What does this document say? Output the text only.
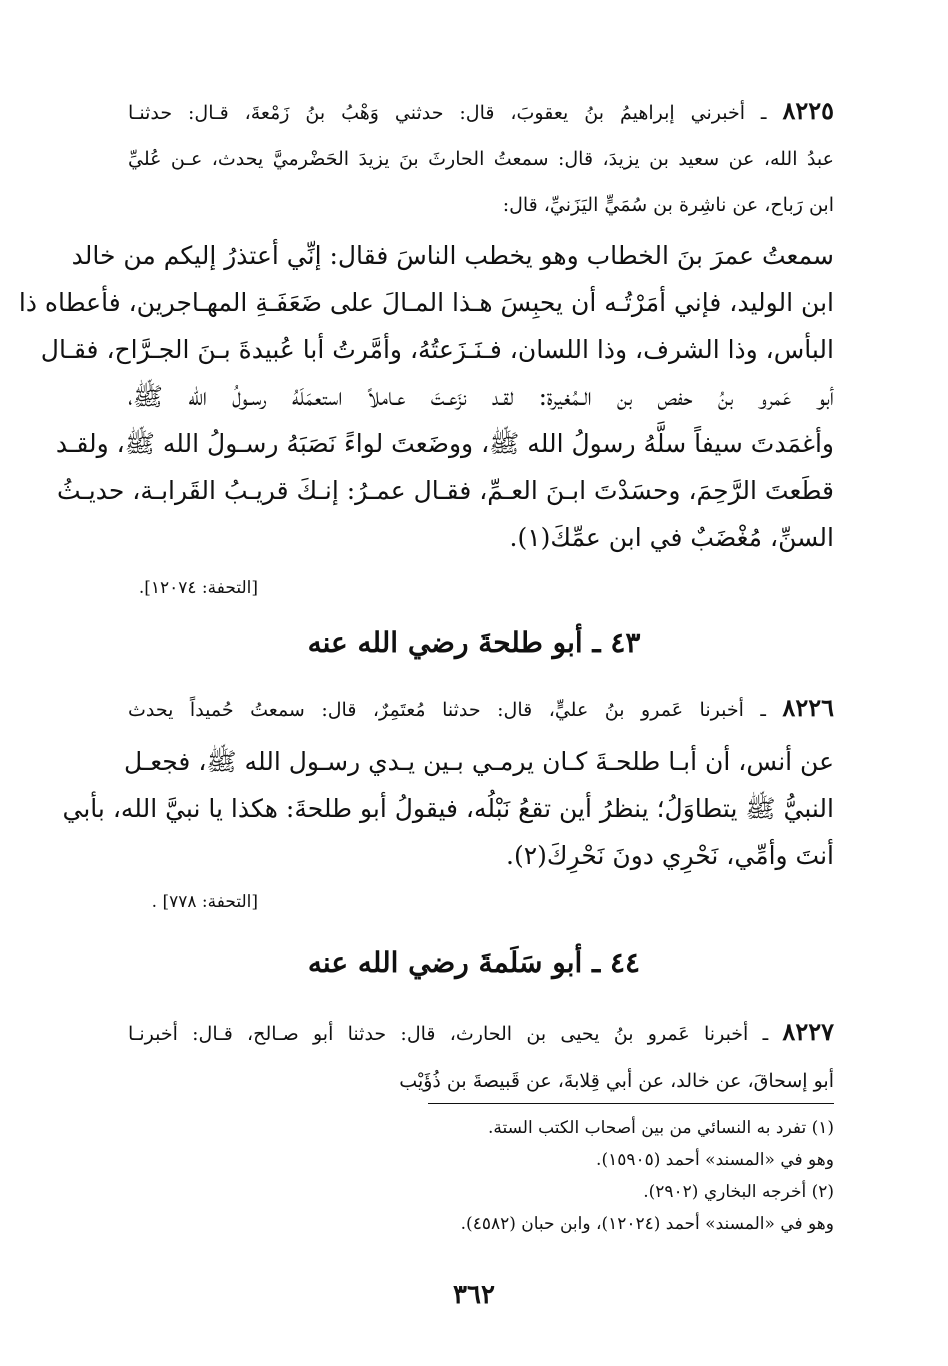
٨٢٢٥ ـ أخبرني إبراهيمُ بنُ يعقوبَ، قال: حدثني وَهْبُ بنُ زَمْعةَ، قـال: حدثنـا
عبدُ الله، عن سعيد بن يزيدَ، قال: سمعتُ الحارثَ بنَ يزيدَ الحَضْرميَّ يحدث، عـن عُليِّ
ابن رَباح، عن ناشِرة بن سُمَيٍّ اليَزَنيِّ، قال:
سمعتُ عمرَ بنَ الخطاب وهو يخطب الناسَ فقال: إنِّي أعتذرُ إليكم من خالد
ابن الوليد، فإني أمَرْتُـه أن يحبِسَ هـذا المـالَ على ضَعَفَـةِ المهـاجرين، فأعطاه ذا
البأس، وذا الشرف، وذا اللسان، فـنَـزَعتُهُ، وأمَّرتُ أبا عُبيدةَ بـنَ الجـرَّاح، فقـال
أبو عَمرو بنُ حفص بن الـمُغيرة: لقـد نزَعـتَ عـاملاً استعمَلَهُ رسـولُ الله ﷺ،
وأغمَدتَ سيفاً سلَّهُ رسولُ الله ﷺ، ووضَعتَ لواءً نَصَبَهُ رسـولُ الله ﷺ، ولقـد
قطَعتَ الرَّحِمَ، وحسَدْتَ ابـنَ العـمِّ، فقـال عمـرُ: إنـكَ قريـبُ القَرابـة، حديـثُ
السنِّ، مُغْضَبٌ في ابن عمِّكَ(١).
[التحفة: ١٢٠٧٤].
٤٣ ـ أبو طلحةَ رضي الله عنه
٨٢٢٦ ـ أخبرنا عَمرو بنُ عليٍّ، قال: حدثنا مُعتَمِرٌ، قال: سمعتُ حُميداً يحدث
عن أنس، أن أبـا طلحـةَ كـان يرمـي بـين يـدي رسـول الله ﷺ، فجعـل
النبيُّ ﷺ يتطاوَلُ؛ ينظرُ أين تقعُ نَبْلُه، فيقولُ أبو طلحةَ: هكذا يا نبيَّ الله، بأبي
أنتَ وأمِّي، نَحْرِي دونَ نَحْرِكَ(٢).
[التحفة: ٧٧٨] .
٤٤ ـ أبو سَلَمةَ رضي الله عنه
٨٢٢٧ ـ أخبرنا عَمرو بنُ يحيى بن الحارث، قال: حدثنا أبو صـالح، قـال: أخبرنـا
أبو إسحاقَ، عن خالد، عن أبي قِلابةَ، عن قَبيصةَ بن ذُؤَيْب
(١) تفرد به النسائي من بين أصحاب الكتب الستة.
وهو في «المسند» أحمد (١٥٩٠٥).
(٢) أخرجه البخاري (٢٩٠٢).
وهو في «المسند» أحمد (١٢٠٢٤)، وابن حبان (٤٥٨٢).
٣٦٢
